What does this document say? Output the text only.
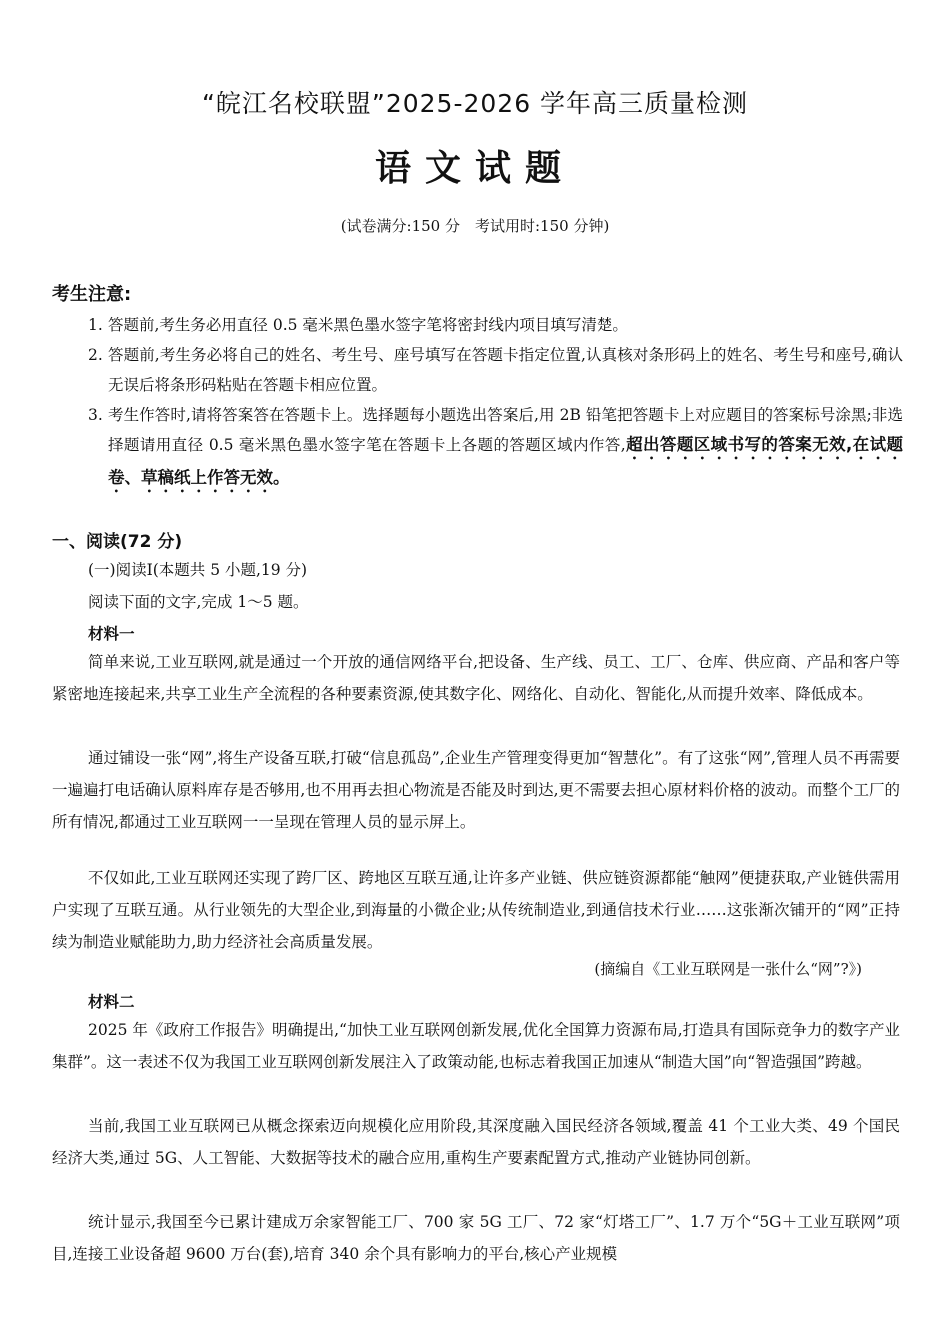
“皖江名校联盟”2025-2026 学年高三质量检测
语文试题
(试卷满分:150 分　考试用时:150 分钟)
考生注意:
1. 答题前,考生务必用直径 0.5 毫米黑色墨水签字笔将密封线内项目填写清楚。
2. 答题前,考生务必将自己的姓名、考生号、座号填写在答题卡指定位置,认真核对条形码上的姓名、考生号和座号,确认无误后将条形码粘贴在答题卡相应位置。
3. 考生作答时,请将答案答在答题卡上。选择题每小题选出答案后,用 2B 铅笔把答题卡上对应题目的答案标号涂黑;非选择题请用直径 0.5 毫米黑色墨水签字笔在答题卡上各题的答题区域内作答,超出答题区域书写的答案无效,在试题卷、草稿纸上作答无效。
一、阅读(72 分)
(一)阅读Ⅰ(本题共 5 小题,19 分)
阅读下面的文字,完成 1～5 题。
材料一
简单来说,工业互联网,就是通过一个开放的通信网络平台,把设备、生产线、员工、工厂、仓库、供应商、产品和客户等紧密地连接起来,共享工业生产全流程的各种要素资源,使其数字化、网络化、自动化、智能化,从而提升效率、降低成本。
通过铺设一张“网”,将生产设备互联,打破“信息孤岛”,企业生产管理变得更加“智慧化”。有了这张“网”,管理人员不再需要一遍遍打电话确认原料库存是否够用,也不用再去担心物流是否能及时到达,更不需要去担心原材料价格的波动。而整个工厂的所有情况,都通过工业互联网一一呈现在管理人员的显示屏上。
不仅如此,工业互联网还实现了跨厂区、跨地区互联互通,让许多产业链、供应链资源都能“触网”便捷获取,产业链供需用户实现了互联互通。从行业领先的大型企业,到海量的小微企业;从传统制造业,到通信技术行业……这张渐次铺开的“网”正持续为制造业赋能助力,助力经济社会高质量发展。
(摘编自《工业互联网是一张什么“网”?》)
材料二
2025 年《政府工作报告》明确提出,“加快工业互联网创新发展,优化全国算力资源布局,打造具有国际竞争力的数字产业集群”。这一表述不仅为我国工业互联网创新发展注入了政策动能,也标志着我国正加速从“制造大国”向“智造强国”跨越。
当前,我国工业互联网已从概念探索迈向规模化应用阶段,其深度融入国民经济各领域,覆盖 41 个工业大类、49 个国民经济大类,通过 5G、人工智能、大数据等技术的融合应用,重构生产要素配置方式,推动产业链协同创新。
统计显示,我国至今已累计建成万余家智能工厂、700 家 5G 工厂、72 家“灯塔工厂”、1.7 万个“5G＋工业互联网”项目,连接工业设备超 9600 万台(套),培育 340 余个具有影响力的平台,核心产业规模
